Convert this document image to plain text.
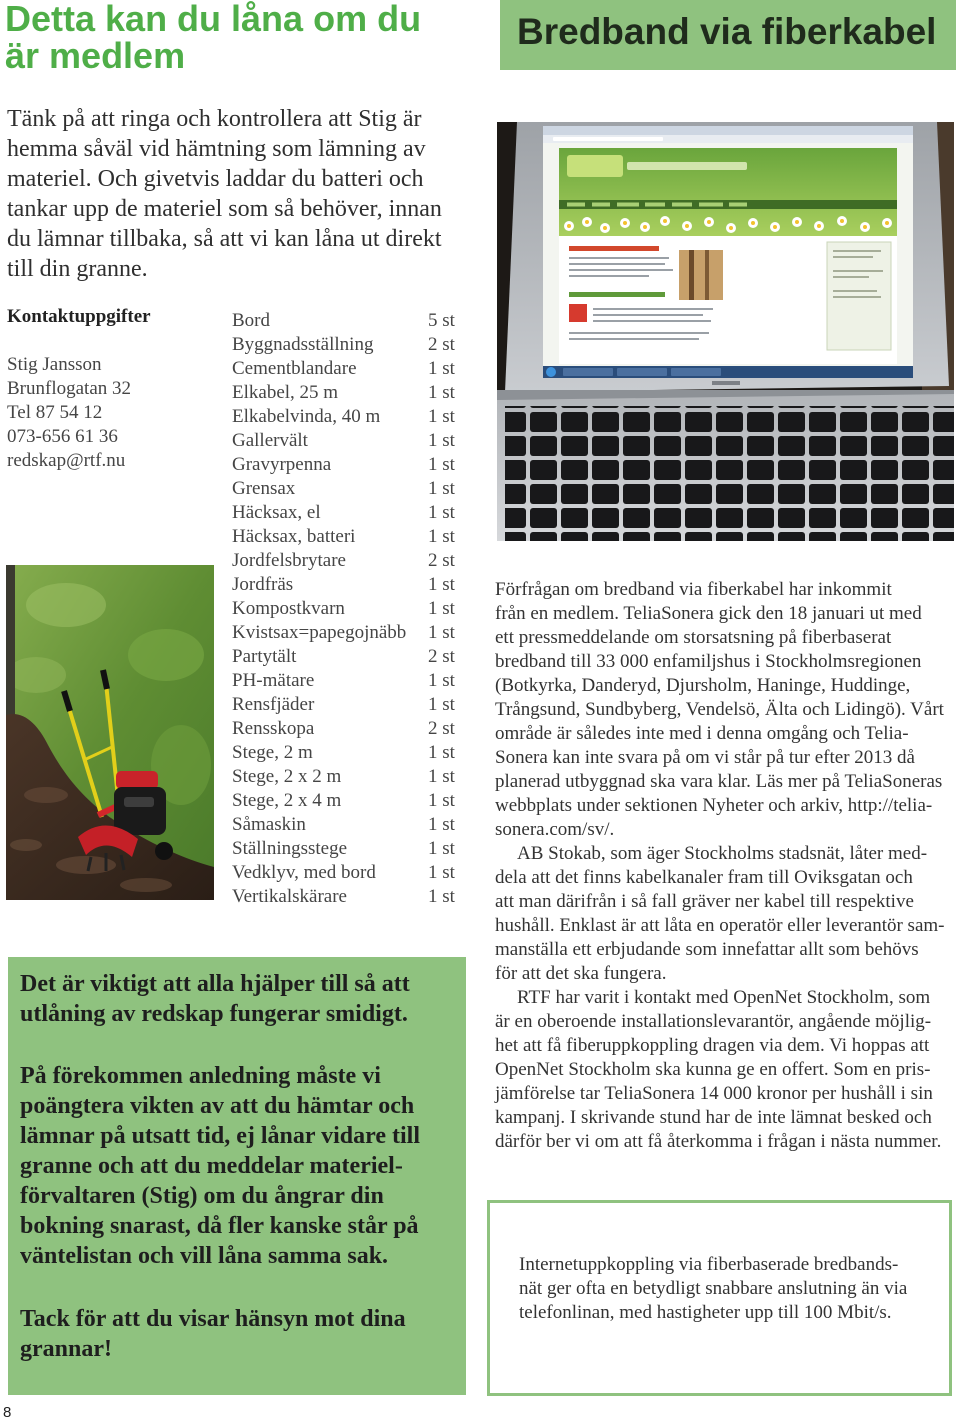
Detta kan du låna om du
är medlem
Tänk på att ringa och kontrollera att Stig är
hemma såväl vid hämtning som lämning av
materiel. Och givetvis laddar du batteri och
tankar upp de materiel som så behöver, innan
du lämnar tillbaka, så att vi kan låna ut direkt
till din granne.
Kontaktuppgifter
Stig Jansson
Brunflogatan 32
Tel 87 54 12
073-656 61 36
redskap@rtf.nu
Bord	5 st
Byggnadsställning	2 st
Cementblandare	1 st
Elkabel, 25 m	1 st
Elkabelvinda, 40 m	1 st
Gallervält	1 st
Gravyrpenna	1 st
Grensax	1 st
Häcksax, el	1 st
Häcksax, batteri	1 st
Jordfelsbrytare	2 st
Jordfräs	1 st
Kompostkvarn	1 st
Kvistsax=papegojnäbb	1 st
Partytält	2 st
PH-mätare	1 st
Rensfjäder	1 st
Rensskopa	2 st
Stege, 2 m	1 st
Stege, 2 x 2 m	1 st
Stege, 2 x 4 m	1 st
Såmaskin	1 st
Ställningsstege	1 st
Vedklyv, med bord	1 st
Vertikalskärare	1 st
Det är viktigt att alla hjälper till så att
utlåning av redskap fungerar smidigt.
På förekommen anledning måste vi
poängtera vikten av att du hämtar och
lämnar på utsatt tid, ej lånar vidare till
granne och att du meddelar materiel-
förvaltaren (Stig) om du ångrar din
bokning snarast, då fler kanske står på
väntelistan och vill låna samma sak.
Tack för att du visar hänsyn mot dina
grannar!
Bredband via fiberkabel
Förfrågan om bredband via fiberkabel har inkommit
från en medlem. TeliaSonera gick den 18 januari ut med
ett pressmeddelande om storsatsning på fiberbaserat
bredband till 33 000 enfamiljshus i Stockholmsregionen
(Botkyrka, Danderyd, Djursholm, Haninge, Huddinge,
Trångsund, Sundbyberg, Vendelsö, Älta och Lidingö). Vårt
område är således inte med i denna omgång och Telia-
Sonera kan inte svara på om vi står på tur efter 2013 då
planerad utbyggnad ska vara klar. Läs mer på TeliaSoneras
webbplats under sektionen Nyheter och arkiv, http://telia-
sonera.com/sv/.
AB Stokab, som äger Stockholms stadsnät, låter med-
dela att det finns kabelkanaler fram till Oviksgatan och
att man därifrån i så fall gräver ner kabel till respektive
hushåll. Enklast är att låta en operatör eller leverantör sam-
manställa ett erbjudande som innefattar allt som behövs
för att det ska fungera.
RTF har varit i kontakt med OpenNet Stockholm, som
är en oberoende installationslevarantör, angående möjlig-
het att få fiberuppkoppling dragen via dem. Vi hoppas att
OpenNet Stockholm ska kunna ge en offert. Som en pris-
jämförelse tar TeliaSonera 14 000 kronor per hushåll i sin
kampanj. I skrivande stund har de inte lämnat besked och
därför ber vi om att få återkomma i frågan i nästa nummer.
Internetuppkoppling via fiberbaserade bredbands-
nät ger ofta en betydligt snabbare anslutning än via
telefonlinan, med hastigheter upp till 100 Mbit/s.
8
